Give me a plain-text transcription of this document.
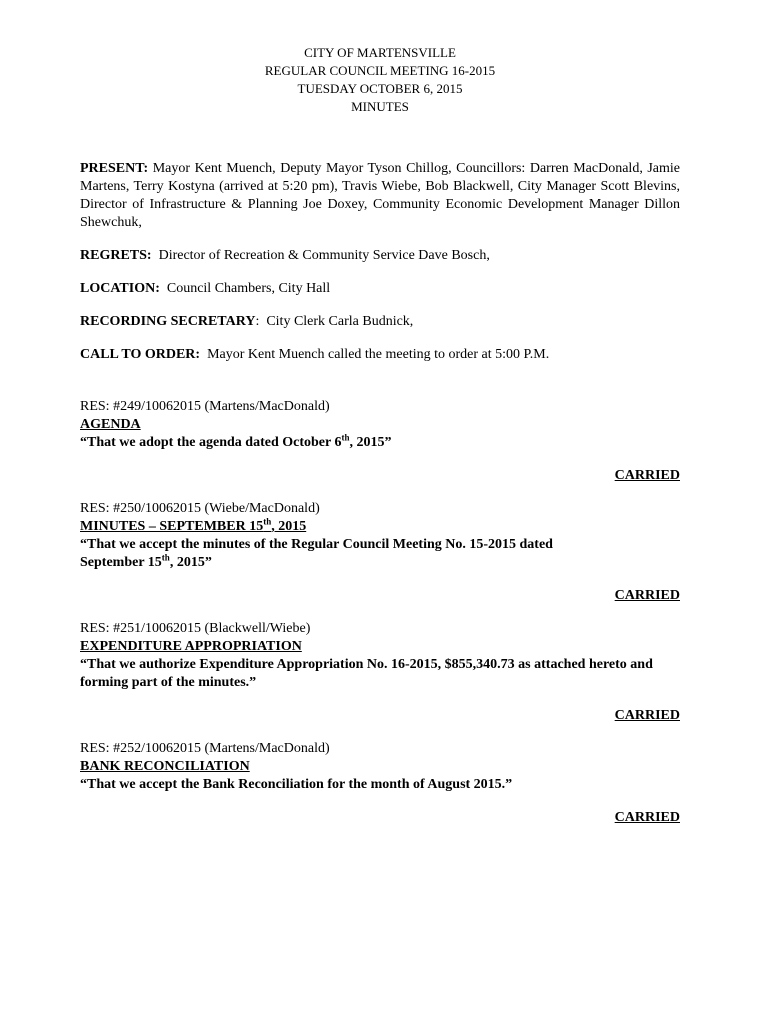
CITY OF MARTENSVILLE
REGULAR COUNCIL MEETING 16-2015
TUESDAY OCTOBER 6, 2015
MINUTES

PRESENT: Mayor Kent Muench, Deputy Mayor Tyson Chillog, Councillors: Darren MacDonald, Jamie Martens, Terry Kostyna (arrived at 5:20 pm), Travis Wiebe, Bob Blackwell, City Manager Scott Blevins, Director of Infrastructure & Planning Joe Doxey, Community Economic Development Manager Dillon Shewchuk,

REGRETS:  Director of Recreation & Community Service Dave Bosch,

LOCATION:  Council Chambers, City Hall

RECORDING SECRETARY:  City Clerk Carla Budnick,

CALL TO ORDER:  Mayor Kent Muench called the meeting to order at 5:00 P.M.

RES: #249/10062015 (Martens/MacDonald)
AGENDA
“That we adopt the agenda dated October 6th, 2015”
CARRIED
RES: #250/10062015 (Wiebe/MacDonald)
MINUTES – SEPTEMBER 15th, 2015
“That we accept the minutes of the Regular Council Meeting No. 15-2015 dated September 15th, 2015”
CARRIED
RES: #251/10062015 (Blackwell/Wiebe)
EXPENDITURE APPROPRIATION
“That we authorize Expenditure Appropriation No. 16-2015, $855,340.73 as attached hereto and forming part of the minutes.”
CARRIED
RES: #252/10062015 (Martens/MacDonald)
BANK RECONCILIATION
“That we accept the Bank Reconciliation for the month of August 2015.”
CARRIED
